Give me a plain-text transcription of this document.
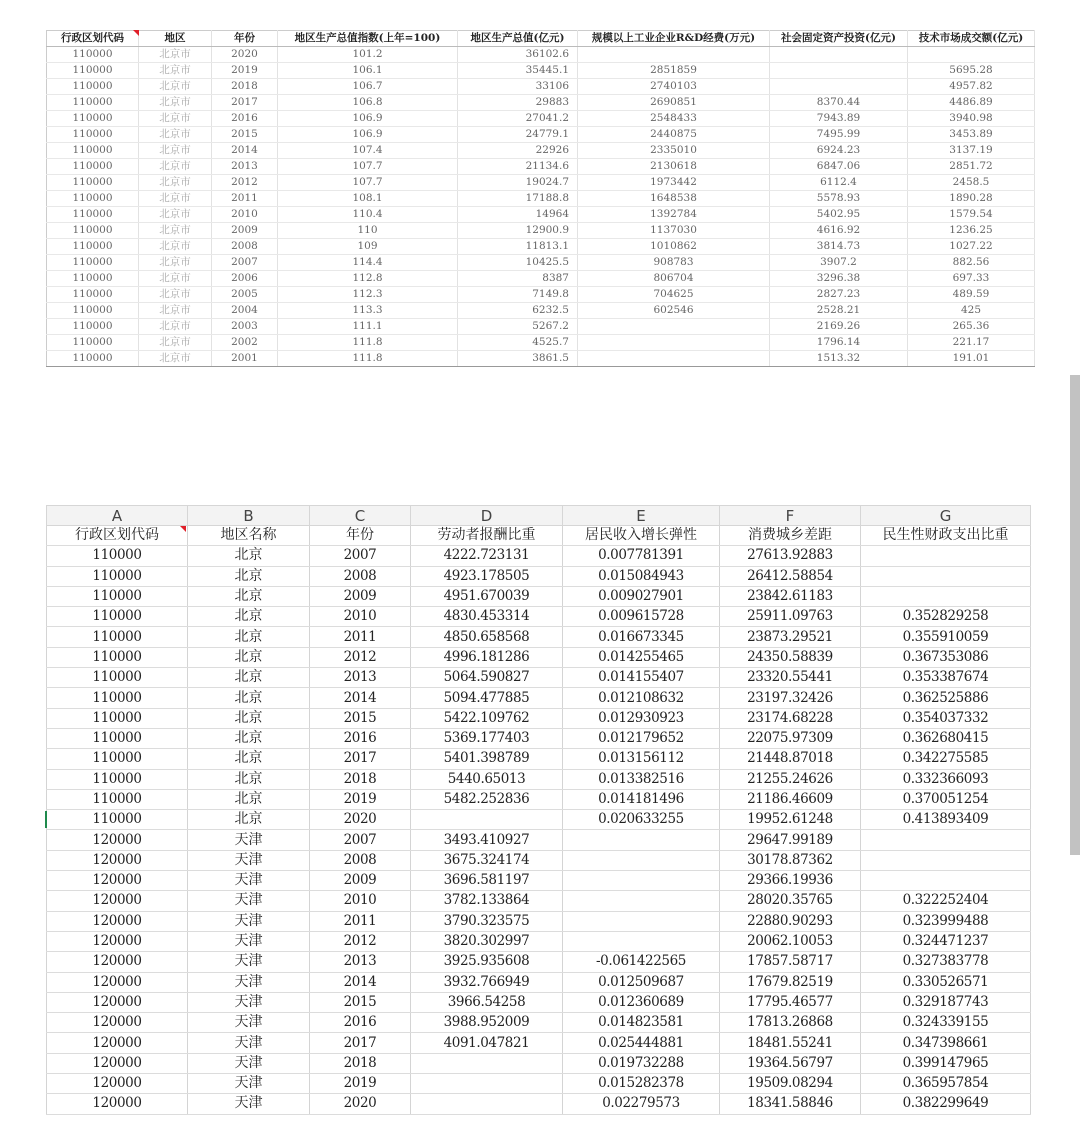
行政区划代码	地区	年份	地区生产总值指数(上年=100)	地区生产总值(亿元)	规模以上工业企业R&D经费(万元)	社会固定资产投资(亿元)	技术市场成交额(亿元)
110000	北京市	2020	101.2	36102.6			
110000	北京市	2019	106.1	35445.1	2851859		5695.28
110000	北京市	2018	106.7	33106	2740103		4957.82
110000	北京市	2017	106.8	29883	2690851	8370.44	4486.89
110000	北京市	2016	106.9	27041.2	2548433	7943.89	3940.98
110000	北京市	2015	106.9	24779.1	2440875	7495.99	3453.89
110000	北京市	2014	107.4	22926	2335010	6924.23	3137.19
110000	北京市	2013	107.7	21134.6	2130618	6847.06	2851.72
110000	北京市	2012	107.7	19024.7	1973442	6112.4	2458.5
110000	北京市	2011	108.1	17188.8	1648538	5578.93	1890.28
110000	北京市	2010	110.4	14964	1392784	5402.95	1579.54
110000	北京市	2009	110	12900.9	1137030	4616.92	1236.25
110000	北京市	2008	109	11813.1	1010862	3814.73	1027.22
110000	北京市	2007	114.4	10425.5	908783	3907.2	882.56
110000	北京市	2006	112.8	8387	806704	3296.38	697.33
110000	北京市	2005	112.3	7149.8	704625	2827.23	489.59
110000	北京市	2004	113.3	6232.5	602546	2528.21	425
110000	北京市	2003	111.1	5267.2		2169.26	265.36
110000	北京市	2002	111.8	4525.7		1796.14	221.17
110000	北京市	2001	111.8	3861.5		1513.32	191.01
A	B	C	D	E	F	G
行政区划代码	地区名称	年份	劳动者报酬比重	居民收入增长弹性	消费城乡差距	民生性财政支出比重
110000	北京	2007	4222.723131	0.007781391	27613.92883	
110000	北京	2008	4923.178505	0.015084943	26412.58854	
110000	北京	2009	4951.670039	0.009027901	23842.61183	
110000	北京	2010	4830.453314	0.009615728	25911.09763	0.352829258
110000	北京	2011	4850.658568	0.016673345	23873.29521	0.355910059
110000	北京	2012	4996.181286	0.014255465	24350.58839	0.367353086
110000	北京	2013	5064.590827	0.014155407	23320.55441	0.353387674
110000	北京	2014	5094.477885	0.012108632	23197.32426	0.362525886
110000	北京	2015	5422.109762	0.012930923	23174.68228	0.354037332
110000	北京	2016	5369.177403	0.012179652	22075.97309	0.362680415
110000	北京	2017	5401.398789	0.013156112	21448.87018	0.342275585
110000	北京	2018	5440.65013	0.013382516	21255.24626	0.332366093
110000	北京	2019	5482.252836	0.014181496	21186.46609	0.370051254
110000	北京	2020		0.020633255	19952.61248	0.413893409
120000	天津	2007	3493.410927		29647.99189	
120000	天津	2008	3675.324174		30178.87362	
120000	天津	2009	3696.581197		29366.19936	
120000	天津	2010	3782.133864		28020.35765	0.322252404
120000	天津	2011	3790.323575		22880.90293	0.323999488
120000	天津	2012	3820.302997		20062.10053	0.324471237
120000	天津	2013	3925.935608	-0.061422565	17857.58717	0.327383778
120000	天津	2014	3932.766949	0.012509687	17679.82519	0.330526571
120000	天津	2015	3966.54258	0.012360689	17795.46577	0.329187743
120000	天津	2016	3988.952009	0.014823581	17813.26868	0.324339155
120000	天津	2017	4091.047821	0.025444881	18481.55241	0.347398661
120000	天津	2018		0.019732288	19364.56797	0.399147965
120000	天津	2019		0.015282378	19509.08294	0.365957854
120000	天津	2020		0.02279573	18341.58846	0.382299649
